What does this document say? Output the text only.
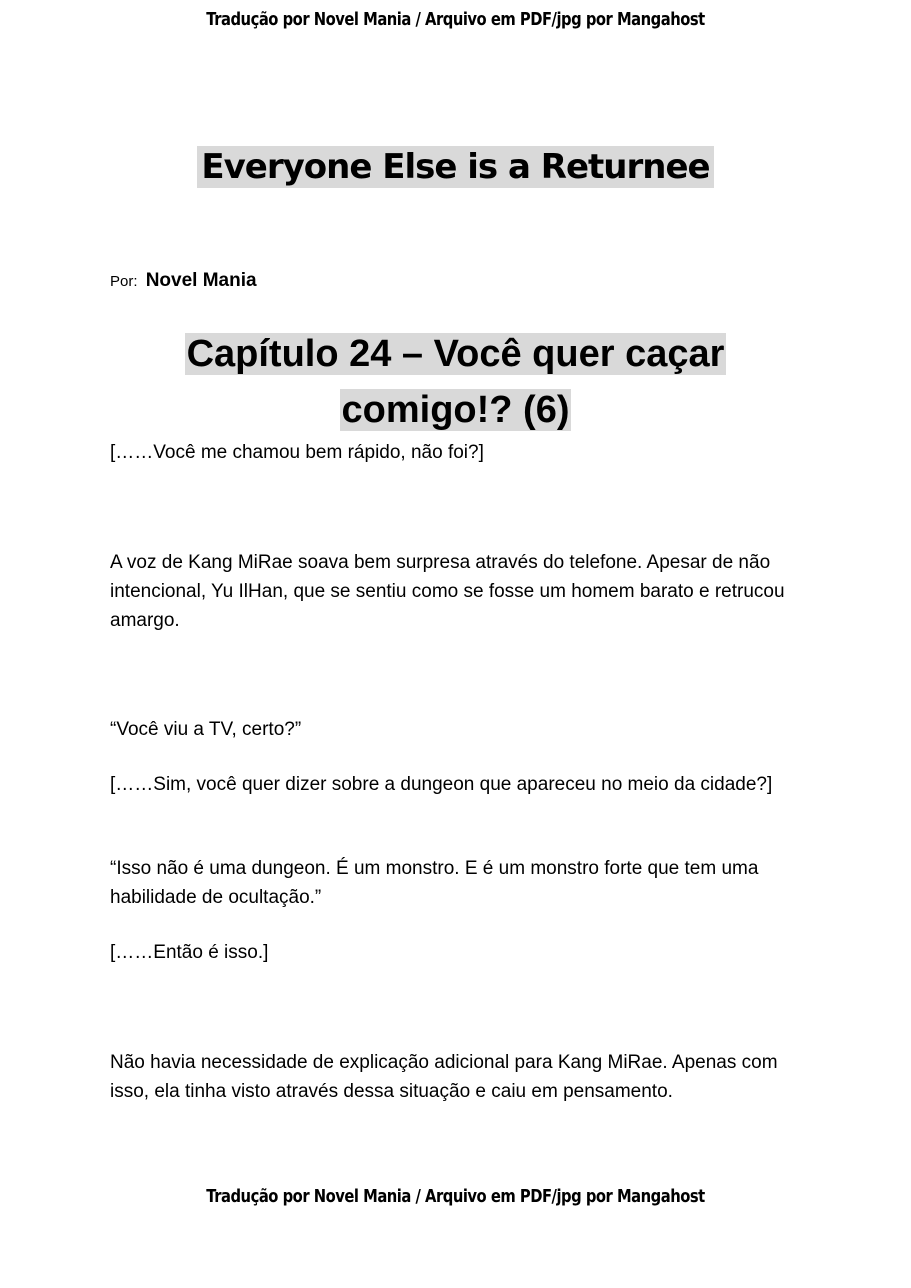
Tradução por Novel Mania / Arquivo em PDF/jpg por Mangahost
Everyone Else is a Returnee
Por: Novel Mania
Capítulo 24 – Você quer caçar
comigo!? (6)

[……Você me chamou bem rápido, não foi?]

A voz de Kang MiRae soava bem surpresa através do telefone. Apesar de não intencional, Yu IlHan, que se sentiu como se fosse um homem barato e retrucou amargo.

“Você viu a TV, certo?”

[……Sim, você quer dizer sobre a dungeon que apareceu no meio da cidade?]

“Isso não é uma dungeon. É um monstro. E é um monstro forte que tem uma habilidade de ocultação.”

[……Então é isso.]

Não havia necessidade de explicação adicional para Kang MiRae. Apenas com isso, ela tinha visto através dessa situação e caiu em pensamento.

Tradução por Novel Mania / Arquivo em PDF/jpg por Mangahost
